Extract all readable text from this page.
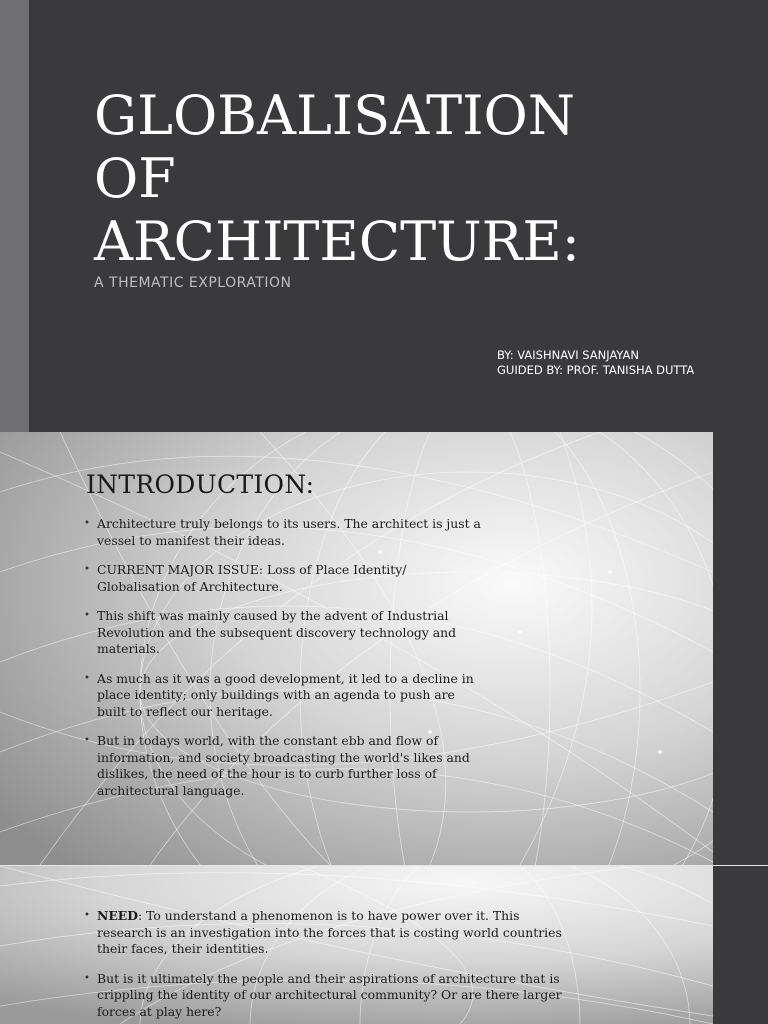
GLOBALISATION
OF
ARCHITECTURE:

A THEMATIC EXPLORATION

BY: VAISHNAVI SANJAYAN
GUIDED BY: PROF. TANISHA DUTTA
INTRODUCTION:
• Architecture truly belongs to its users. The architect is just a vessel to manifest their ideas.
• CURRENT MAJOR ISSUE: Loss of Place Identity/ Globalisation of Architecture.
• This shift was mainly caused by the advent of Industrial Revolution and the subsequent discovery technology and materials.
• As much as it was a good development, it led to a decline in place identity; only buildings with an agenda to push are built to reflect our heritage.
• But in todays world, with the constant ebb and flow of information, and society broadcasting the world's likes and dislikes, the need of the hour is to curb further loss of architectural language.
• NEED: To understand a phenomenon is to have power over it. This research is an investigation into the forces that is costing world countries their faces, their identities.
• But is it ultimately the people and their aspirations of architecture that is crippling the identity of our architectural community? Or are there larger forces at play here?
